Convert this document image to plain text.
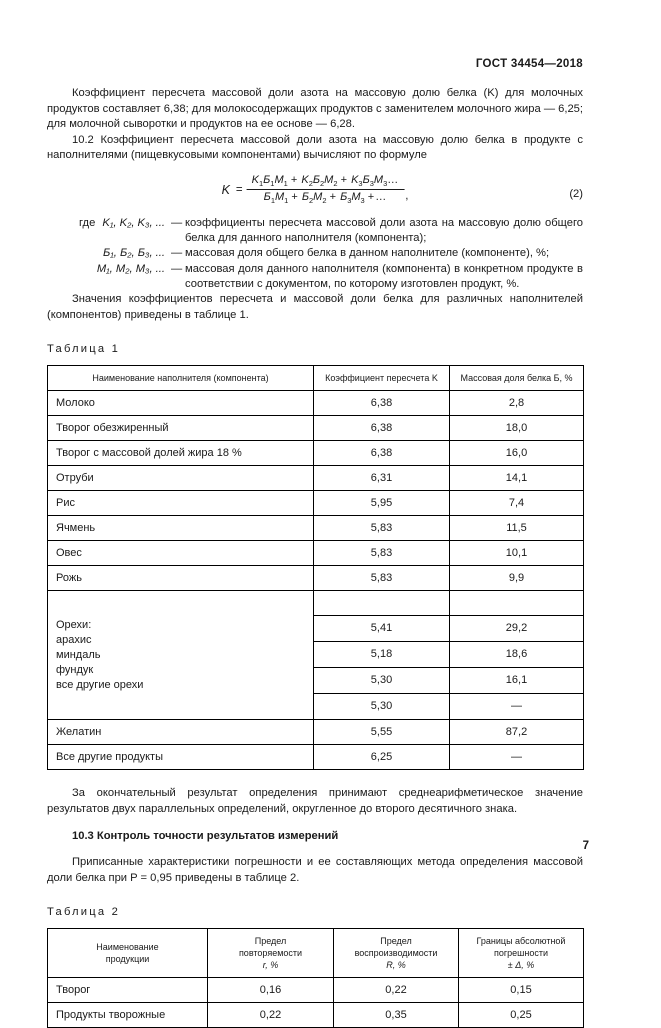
ГОСТ 34454—2018

Коэффициент пересчета массовой доли азота на массовую долю белка (K) для молочных продуктов составляет 6,38; для молокосодержащих продуктов с заменителем молочного жира — 6,25; для молочной сыворотки и продуктов на ее основе — 6,28.

10.2 Коэффициент пересчета массовой доли азота на массовую долю белка в продукте с наполнителями (пищевкусовыми компонентами) вычисляют по формуле

K =
$K_1Б_1M_1 + K_2Б_2M_2$ + $K_3Б_3M_3\dots$
$Б_1M_1 + Б_2M_2 + Б_3M_3$ +…	,	(2)
где K₁, K₂, K₃, ...	—	коэффициенты пересчета массовой доли азота на массовую долю общего белка для данного наполнителя (компонента);
Б₁, Б₂, Б₃, ...	—	массовая доля общего белка в данном наполнителе (компоненте), %;
M₁, M₂, M₃, ...	—	массовая доля данного наполнителя (компонента) в конкретном продукте в соответствии с документом, по которому изготовлен продукт, %.

Значения коэффициентов пересчета и массовой доли белка для различных наполнителей (компонентов) приведены в таблице 1.

Таблица 1
Наименование наполнителя (компонента)	Коэффициент пересчета K	Массовая доля белка Б, %
Молоко	6,38	2,8
Творог обезжиренный	6,38	18,0
Творог с массовой долей жира 18 %	6,38	16,0
Отруби	6,31	14,1
Рис	5,95	7,4
Ячмень	5,83	11,5
Овес	5,83	10,1
Рожь	5,83	9,9

Орехи:
арахис
миндаль
фундук
все другие орехи		

	5,41	29,2
	5,18	18,6
	5,30	16,1
	5,30	—
Желатин	5,55	87,2
Все другие продукты	6,25	—

За окончательный результат определения принимают среднеарифметическое значение результатов двух параллельных определений, округленное до второго десятичного знака.

10.3 Контроль точности результатов измерений

Приписанные характеристики погрешности и ее составляющих метода определения массовой доли белка при P = 0,95 приведены в таблице 2.

Таблица 2
Наименование
продукции	Предел
повторяемости
r, %	Предел
воспроизводимости
R, %	Границы абсолютной
погрешности
± Δ, %
Творог	0,16	0,22	0,15
Продукты творожные	0,22	0,35	0,25
7
